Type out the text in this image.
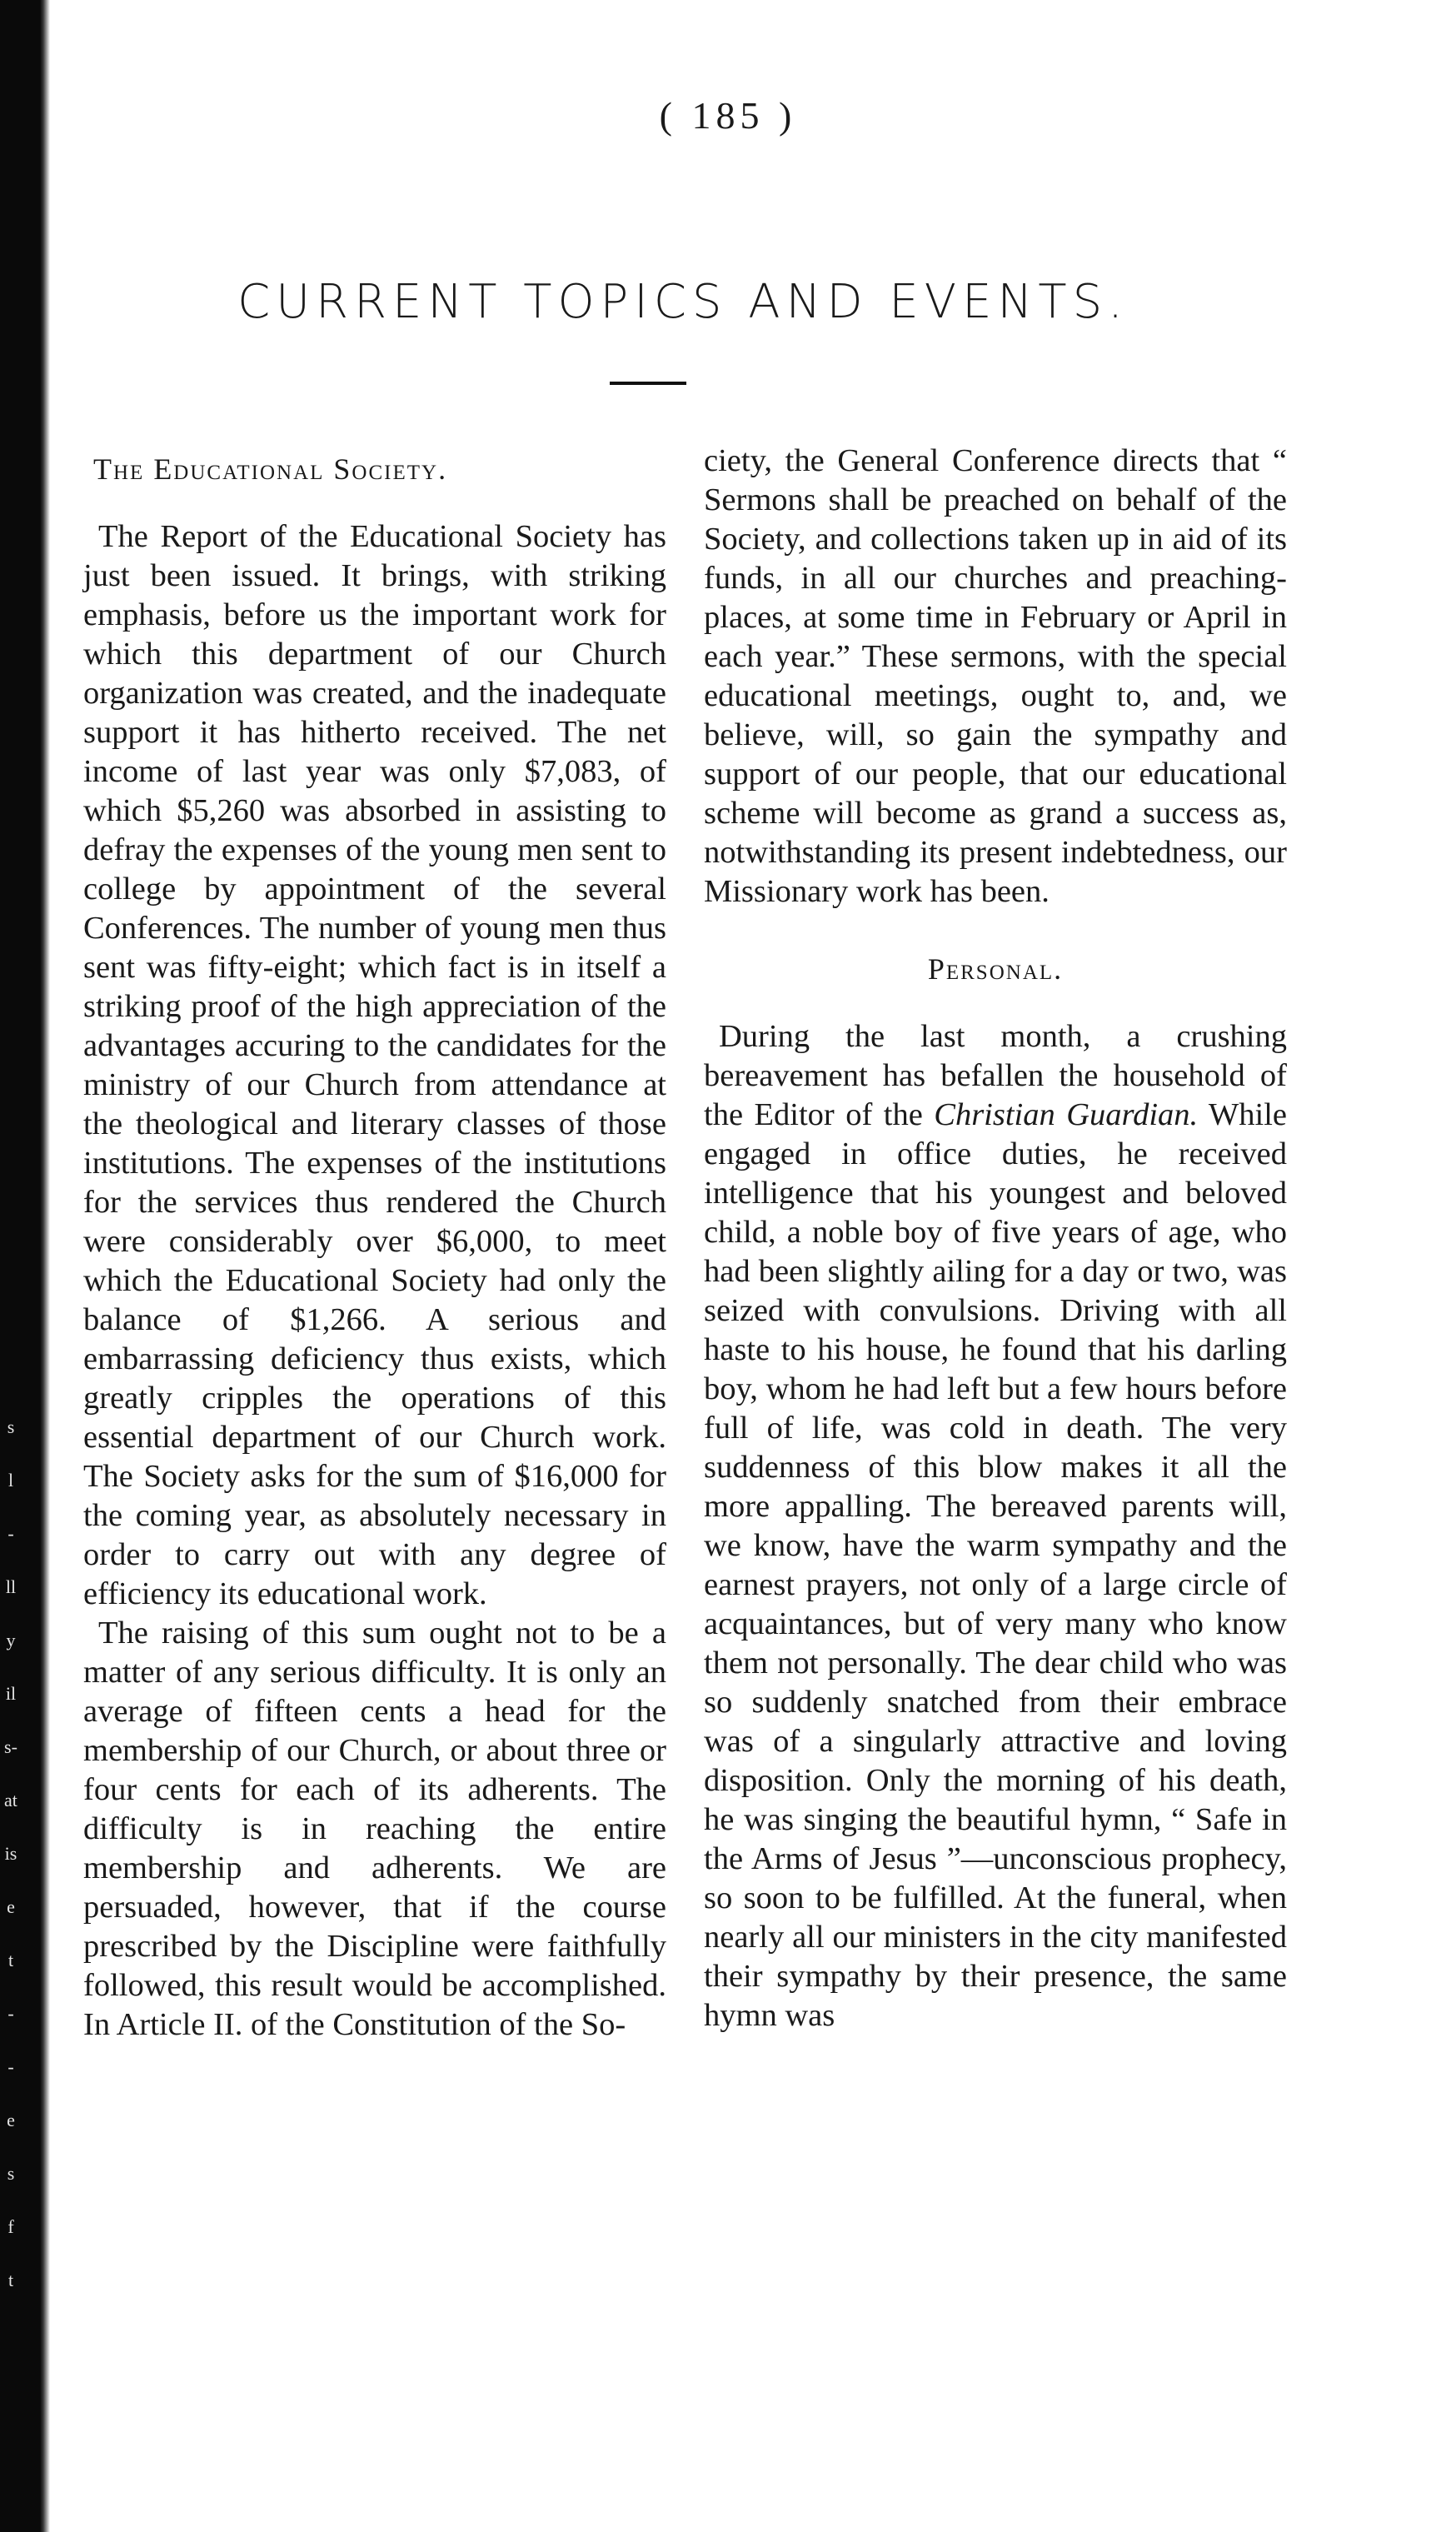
s
l
-
ll
y
il
s-
at
is
e
t
-
-
e
s
f
t
( 185 )
CURRENT TOPICS AND EVENTS.
The Educational Society.

The Report of the Educational Society has just been issued. It brings, with striking emphasis, before us the important work for which this department of our Church organization was created, and the inadequate support it has hitherto received. The net income of last year was only $7,083, of which $5,260 was absorbed in assisting to defray the expenses of the young men sent to college by appointment of the several Conferences. The number of young men thus sent was fifty-eight; which fact is in itself a striking proof of the high appreciation of the advantages accuring to the candidates for the ministry of our Church from attendance at the theological and literary classes of those institutions. The expenses of the institutions for the services thus rendered the Church were considerably over $6,000, to meet which the Educational Society had only the balance of $1,266. A serious and embarrassing deficiency thus exists, which greatly cripples the operations of this essential department of our Church work. The Society asks for the sum of $16,000 for the coming year, as absolutely necessary in order to carry out with any degree of efficiency its educational work.

The raising of this sum ought not to be a matter of any serious difficulty. It is only an average of fifteen cents a head for the membership of our Church, or about three or four cents for each of its adherents. The difficulty is in reaching the entire membership and adherents. We are persuaded, however, that if the course prescribed by the Discipline were faithfully followed, this result would be accomplished. In Article II. of the Constitution of the So-

ciety, the General Conference directs that “ Sermons shall be preached on behalf of the Society, and collections taken up in aid of its funds, in all our churches and preaching-places, at some time in February or April in each year.” These sermons, with the special educational meetings, ought to, and, we believe, will, so gain the sympathy and support of our people, that our educational scheme will become as grand a success as, notwithstanding its present indebtedness, our Missionary work has been.

Personal.

During the last month, a crushing bereavement has befallen the household of the Editor of the Christian Guardian. While engaged in office duties, he received intelligence that his youngest and beloved child, a noble boy of five years of age, who had been slightly ailing for a day or two, was seized with convulsions. Driving with all haste to his house, he found that his darling boy, whom he had left but a few hours before full of life, was cold in death. The very suddenness of this blow makes it all the more appalling. The bereaved parents will, we know, have the warm sympathy and the earnest prayers, not only of a large circle of acquaintances, but of very many who know them not personally. The dear child who was so suddenly snatched from their embrace was of a singularly attractive and loving disposition. Only the morning of his death, he was singing the beautiful hymn, “ Safe in the Arms of Jesus ”—unconscious prophecy, so soon to be fulfilled. At the funeral, when nearly all our ministers in the city manifested their sympathy by their presence, the same hymn was
